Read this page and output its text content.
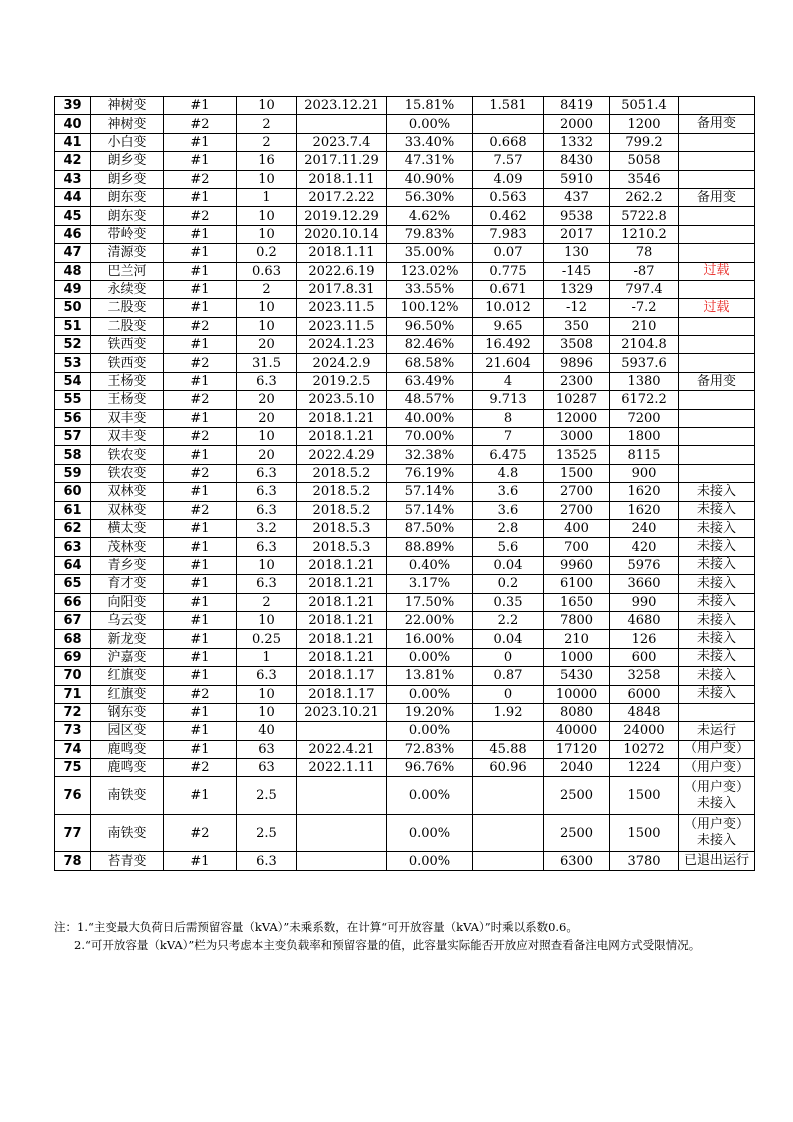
39	神树变	#1	10	2023.12.21	15.81%	1.581	8419	5051.4	
40	神树变	#2	2		0.00%		2000	1200	备用变
41	小白变	#1	2	2023.7.4	33.40%	0.668	1332	799.2	
42	朗乡变	#1	16	2017.11.29	47.31%	7.57	8430	5058	
43	朗乡变	#2	10	2018.1.11	40.90%	4.09	5910	3546	
44	朗东变	#1	1	2017.2.22	56.30%	0.563	437	262.2	备用变
45	朗东变	#2	10	2019.12.29	4.62%	0.462	9538	5722.8	
46	带岭变	#1	10	2020.10.14	79.83%	7.983	2017	1210.2	
47	清源变	#1	0.2	2018.1.11	35.00%	0.07	130	78	
48	巴兰河	#1	0.63	2022.6.19	123.02%	0.775	-145	-87	过载
49	永续变	#1	2	2017.8.31	33.55%	0.671	1329	797.4	
50	二股变	#1	10	2023.11.5	100.12%	10.012	-12	-7.2	过载
51	二股变	#2	10	2023.11.5	96.50%	9.65	350	210	
52	铁西变	#1	20	2024.1.23	82.46%	16.492	3508	2104.8	
53	铁西变	#2	31.5	2024.2.9	68.58%	21.604	9896	5937.6	
54	王杨变	#1	6.3	2019.2.5	63.49%	4	2300	1380	备用变
55	王杨变	#2	20	2023.5.10	48.57%	9.713	10287	6172.2	
56	双丰变	#1	20	2018.1.21	40.00%	8	12000	7200	
57	双丰变	#2	10	2018.1.21	70.00%	7	3000	1800	
58	铁农变	#1	20	2022.4.29	32.38%	6.475	13525	8115	
59	铁农变	#2	6.3	2018.5.2	76.19%	4.8	1500	900	
60	双林变	#1	6.3	2018.5.2	57.14%	3.6	2700	1620	未接入
61	双林变	#2	6.3	2018.5.2	57.14%	3.6	2700	1620	未接入
62	横太变	#1	3.2	2018.5.3	87.50%	2.8	400	240	未接入
63	茂林变	#1	6.3	2018.5.3	88.89%	5.6	700	420	未接入
64	青乡变	#1	10	2018.1.21	0.40%	0.04	9960	5976	未接入
65	育才变	#1	6.3	2018.1.21	3.17%	0.2	6100	3660	未接入
66	向阳变	#1	2	2018.1.21	17.50%	0.35	1650	990	未接入
67	乌云变	#1	10	2018.1.21	22.00%	2.2	7800	4680	未接入
68	新龙变	#1	0.25	2018.1.21	16.00%	0.04	210	126	未接入
69	沪嘉变	#1	1	2018.1.21	0.00%	0	1000	600	未接入
70	红旗变	#1	6.3	2018.1.17	13.81%	0.87	5430	3258	未接入
71	红旗变	#2	10	2018.1.17	0.00%	0	10000	6000	未接入
72	钢东变	#1	10	2023.10.21	19.20%	1.92	8080	4848	
73	园区变	#1	40		0.00%		40000	24000	未运行
74	鹿鸣变	#1	63	2022.4.21	72.83%	45.88	17120	10272	（用户变）
75	鹿鸣变	#2	63	2022.1.11	96.76%	60.96	2040	1224	（用户变）
76	南铁变	#1	2.5		0.00%		2500	1500	（用户变）未接入
77	南铁变	#2	2.5		0.00%		2500	1500	（用户变）未接入
78	苔青变	#1	6.3		0.00%		6300	3780	已退出运行

注：1.“主变最大负荷日后需预留容量（kVA）”未乘系数，在计算“可开放容量（kVA）”时乘以系数0.6。

2.“可开放容量（kVA）”栏为只考虑本主变负载率和预留容量的值，此容量实际能否开放应对照查看备注电网方式受限情况。
